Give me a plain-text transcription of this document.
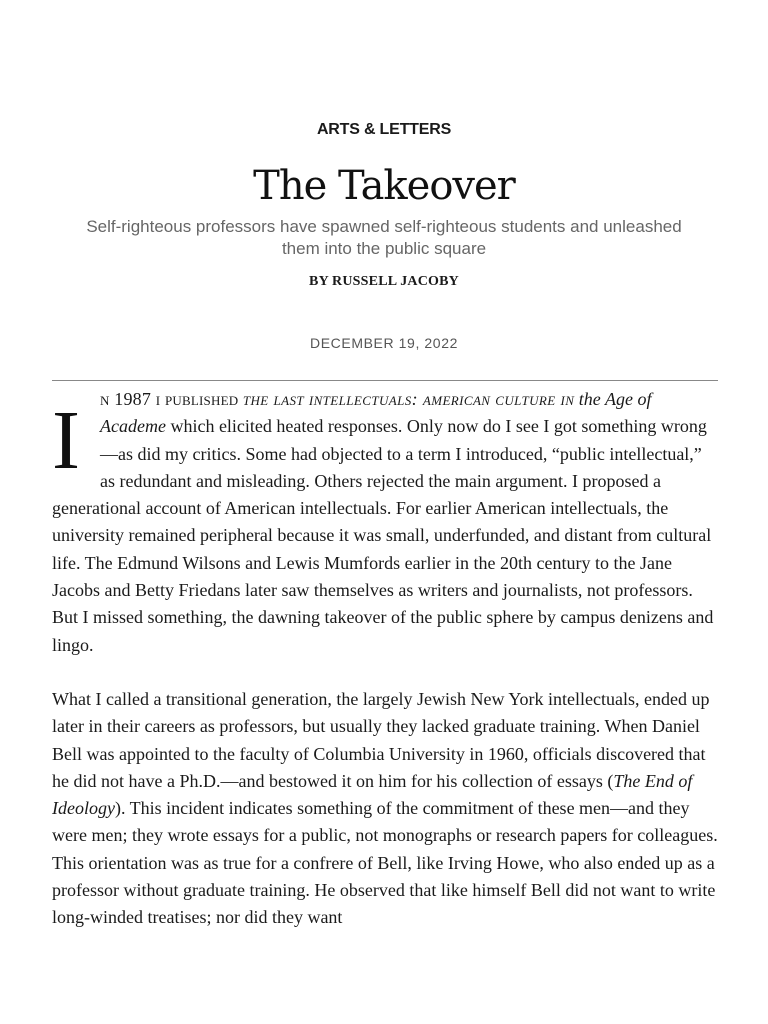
ARTS & LETTERS
The Takeover
Self-righteous professors have spawned self-righteous students and unleashed them into the public square
BY RUSSELL JACOBY
DECEMBER 19, 2022

I n 1987 i published the last intellectuals: american culture in the Age of Academe which elicited heated responses. Only now do I see I got something wrong—as did my critics. Some had objected to a term I introduced, “public intellectual,” as redundant and misleading. Others rejected the main argument. I proposed a generational account of American intellectuals. For earlier American intellectuals, the university remained peripheral because it was small, underfunded, and distant from cultural life. The Edmund Wilsons and Lewis Mumfords earlier in the 20th century to the Jane Jacobs and Betty Friedans later saw themselves as writers and journalists, not professors. But I missed something, the dawning takeover of the public sphere by campus denizens and lingo.

What I called a transitional generation, the largely Jewish New York intellectuals, ended up later in their careers as professors, but usually they lacked graduate training. When Daniel Bell was appointed to the faculty of Columbia University in 1960, officials discovered that he did not have a Ph.D.—and bestowed it on him for his collection of essays (The End of Ideology). This incident indicates something of the commitment of these men—and they were men; they wrote essays for a public, not monographs or research papers for colleagues. This orientation was as true for a confrere of Bell, like Irving Howe, who also ended up as a professor without graduate training. He observed that like himself Bell did not want to write long-winded treatises; nor did they want
